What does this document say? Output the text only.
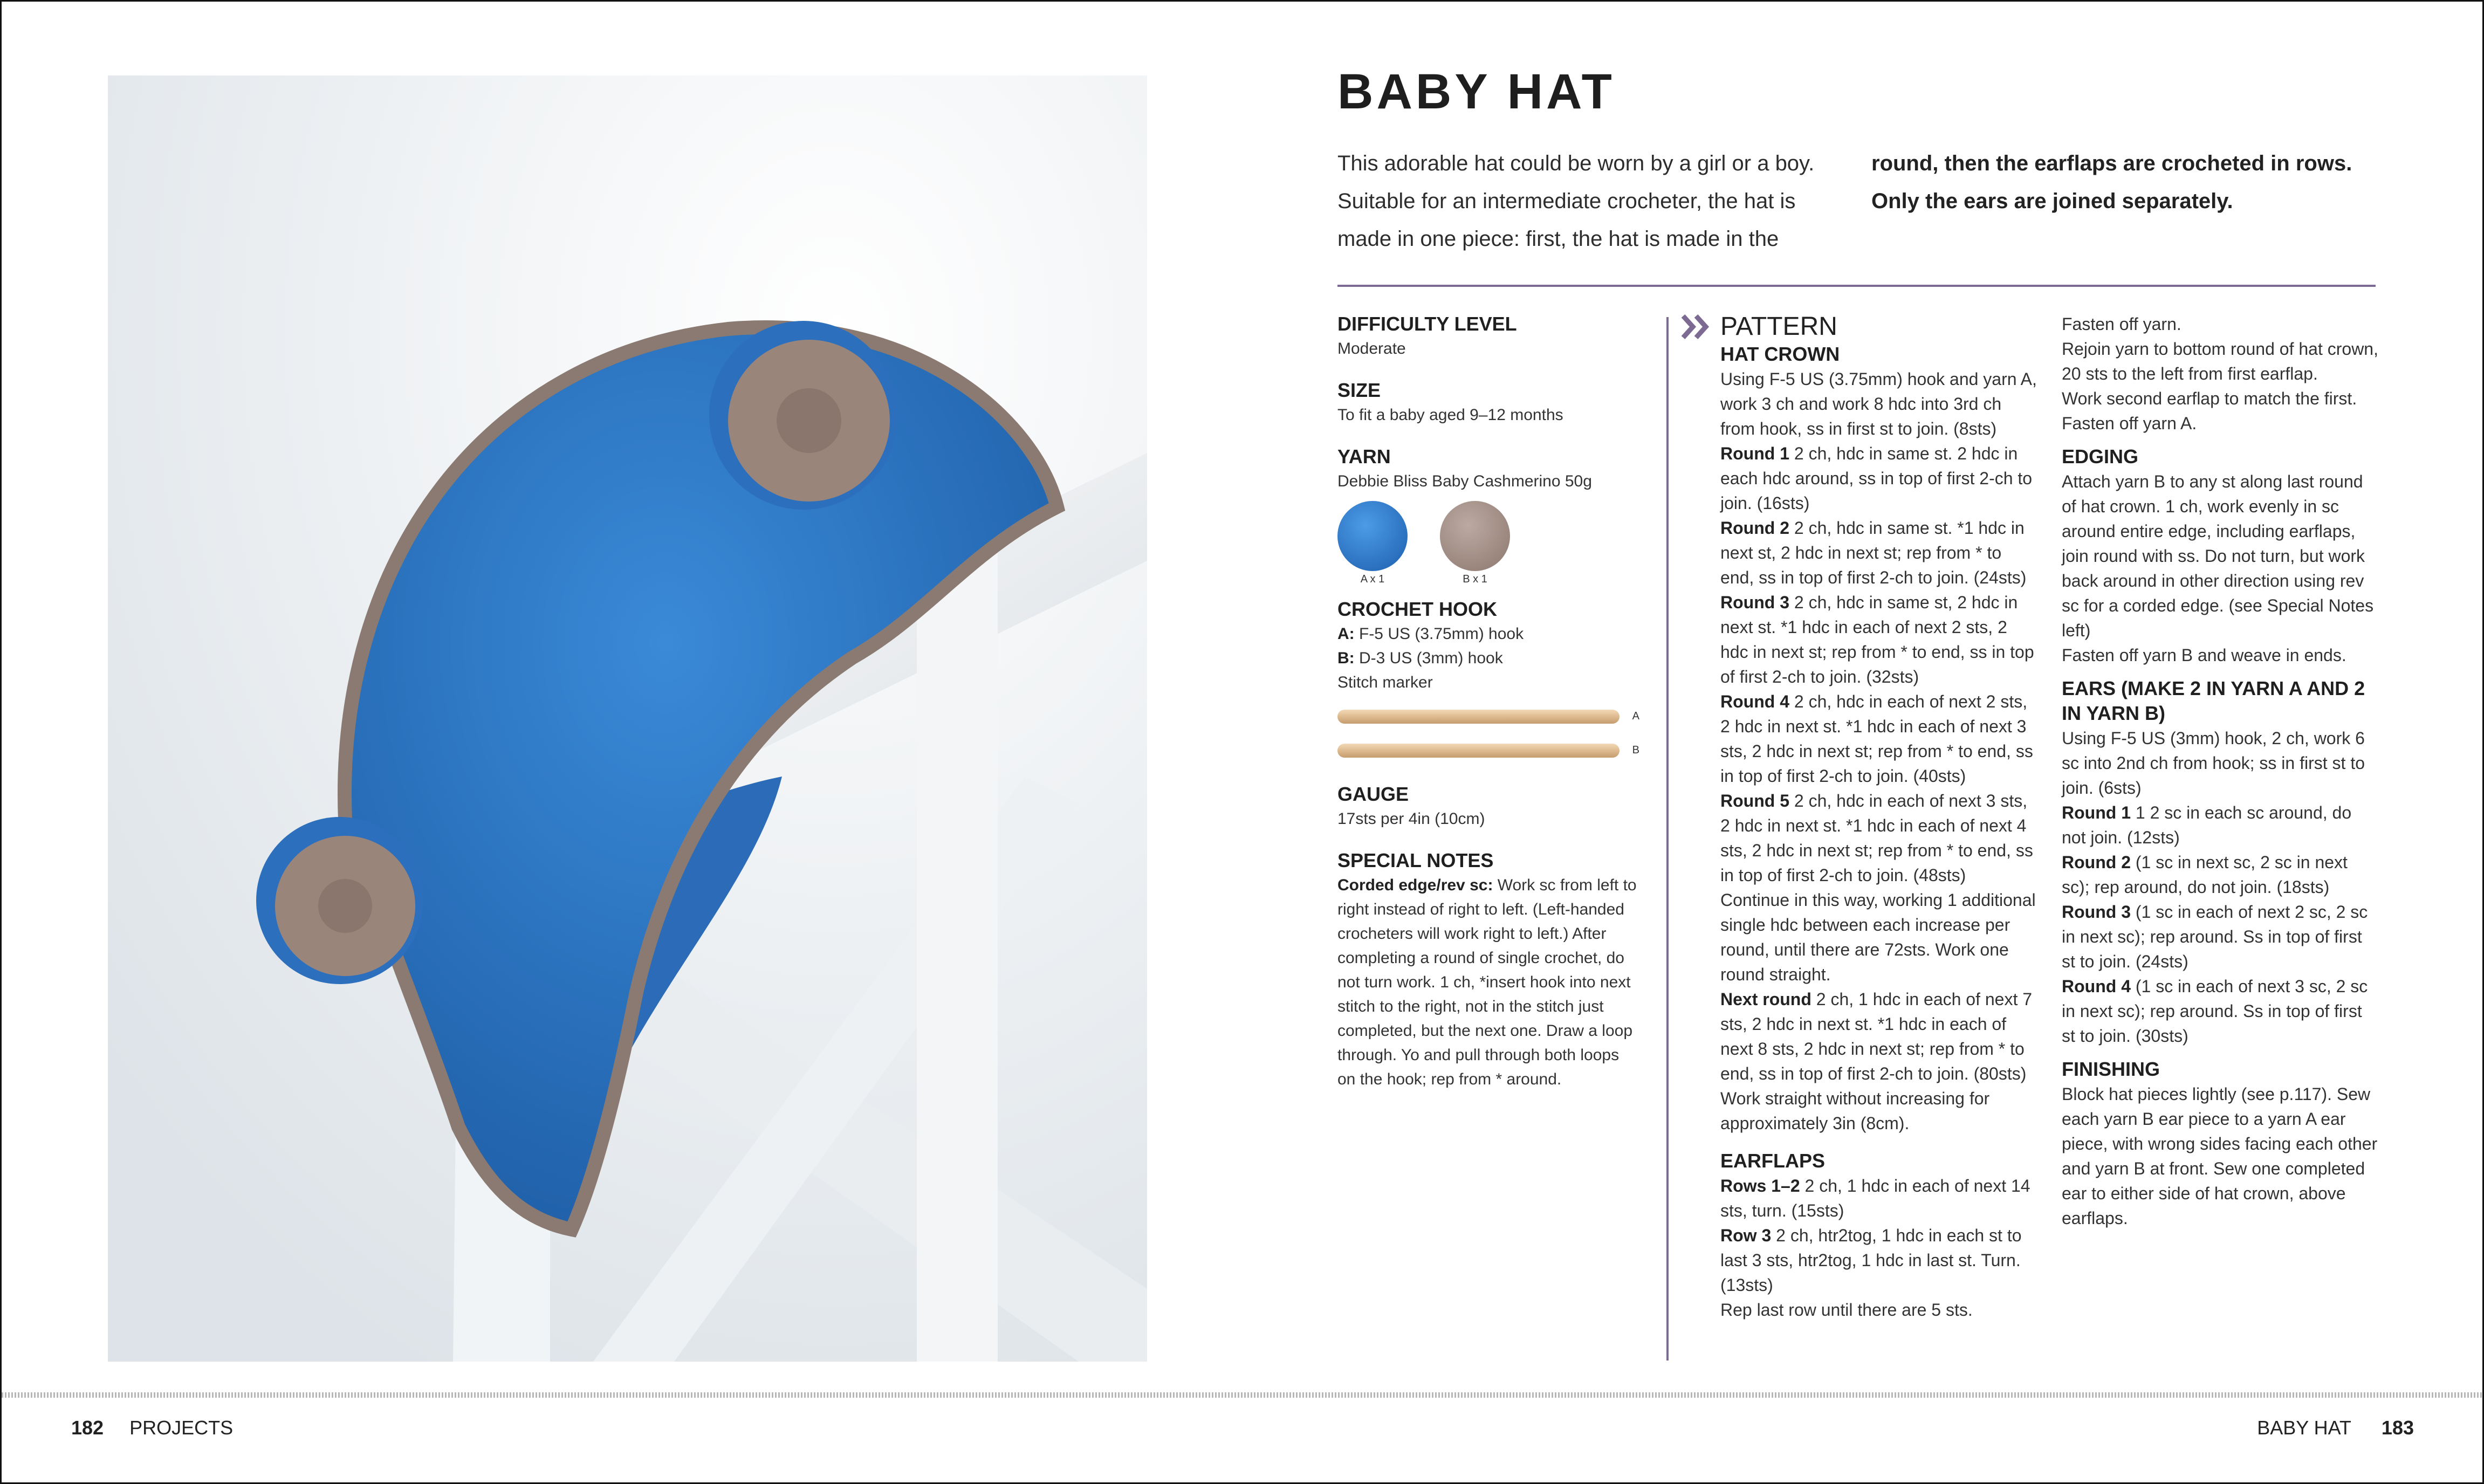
BABY HAT

This adorable hat could be worn by a girl or a boy. Suitable for an intermediate crocheter, the hat is made in one piece: first, the hat is made in the

round, then the earflaps are crocheted in rows. Only the ears are joined separately.

DIFFICULTY LEVEL

Moderate

SIZE

To fit a baby aged 9–12 months

YARN

Debbie Bliss Baby Cashmerino 50g

A x 1	B x 1

CROCHET HOOK

A: F-5 US (3.75mm) hook

B: D-3 US (3mm) hook

Stitch marker

A
B

GAUGE

17sts per 4in (10cm)

SPECIAL NOTES

Corded edge/rev sc: Work sc from left to right instead of right to left. (Left-handed crocheters will work right to left.) After completing a round of single crochet, do not turn work. 1 ch, *insert hook into next stitch to the right, not in the stitch just completed, but the next one. Draw a loop through. Yo and pull through both loops on the hook; rep from * around.

PATTERN

HAT CROWN

Using F-5 US (3.75mm) hook and yarn A, work 3 ch and work 8 hdc into 3rd ch from hook, ss in first st to join. (8sts)

Round 1 2 ch, hdc in same st. 2 hdc in each hdc around, ss in top of first 2-ch to join. (16sts)

Round 2 2 ch, hdc in same st. *1 hdc in next st, 2 hdc in next st; rep from * to end, ss in top of first 2-ch to join. (24sts)

Round 3 2 ch, hdc in same st, 2 hdc in next st. *1 hdc in each of next 2 sts, 2 hdc in next st; rep from * to end, ss in top of first 2-ch to join. (32sts)

Round 4 2 ch, hdc in each of next 2 sts, 2 hdc in next st. *1 hdc in each of next 3 sts, 2 hdc in next st; rep from * to end, ss in top of first 2-ch to join. (40sts)

Round 5 2 ch, hdc in each of next 3 sts, 2 hdc in next st. *1 hdc in each of next 4 sts, 2 hdc in next st; rep from * to end, ss in top of first 2-ch to join. (48sts)

Continue in this way, working 1 additional single hdc between each increase per round, until there are 72sts. Work one round straight.

Next round 2 ch, 1 hdc in each of next 7 sts, 2 hdc in next st. *1 hdc in each of next 8 sts, 2 hdc in next st; rep from * to end, ss in top of first 2-ch to join. (80sts)

Work straight without increasing for approximately 3in (8cm).

EARFLAPS

Rows 1–2 2 ch, 1 hdc in each of next 14 sts, turn. (15sts)

Row 3 2 ch, htr2tog, 1 hdc in each st to last 3 sts, htr2tog, 1 hdc in last st. Turn. (13sts)

Rep last row until there are 5 sts.

Fasten off yarn.

Rejoin yarn to bottom round of hat crown, 20 sts to the left from first earflap.

Work second earflap to match the first.

Fasten off yarn A.

EDGING

Attach yarn B to any st along last round of hat crown. 1 ch, work evenly in sc around entire edge, including earflaps, join round with ss. Do not turn, but work back around in other direction using rev sc for a corded edge. (see Special Notes left)

Fasten off yarn B and weave in ends.

EARS (MAKE 2 IN YARN A AND 2 IN YARN B)

Using F-5 US (3mm) hook, 2 ch, work 6 sc into 2nd ch from hook; ss in first st to join. (6sts)

Round 1 1 2 sc in each sc around, do not join. (12sts)

Round 2 (1 sc in next sc, 2 sc in next sc); rep around, do not join. (18sts)

Round 3 (1 sc in each of next 2 sc, 2 sc in next sc); rep around. Ss in top of first st to join. (24sts)

Round 4 (1 sc in each of next 3 sc, 2 sc in next sc); rep around. Ss in top of first st to join. (30sts)

FINISHING

Block hat pieces lightly (see p.117). Sew each yarn B ear piece to a yarn A ear piece, with wrong sides facing each other and yarn B at front. Sew one completed ear to either side of hat crown, above earflaps.

182 PROJECTS	BABY HAT 183
